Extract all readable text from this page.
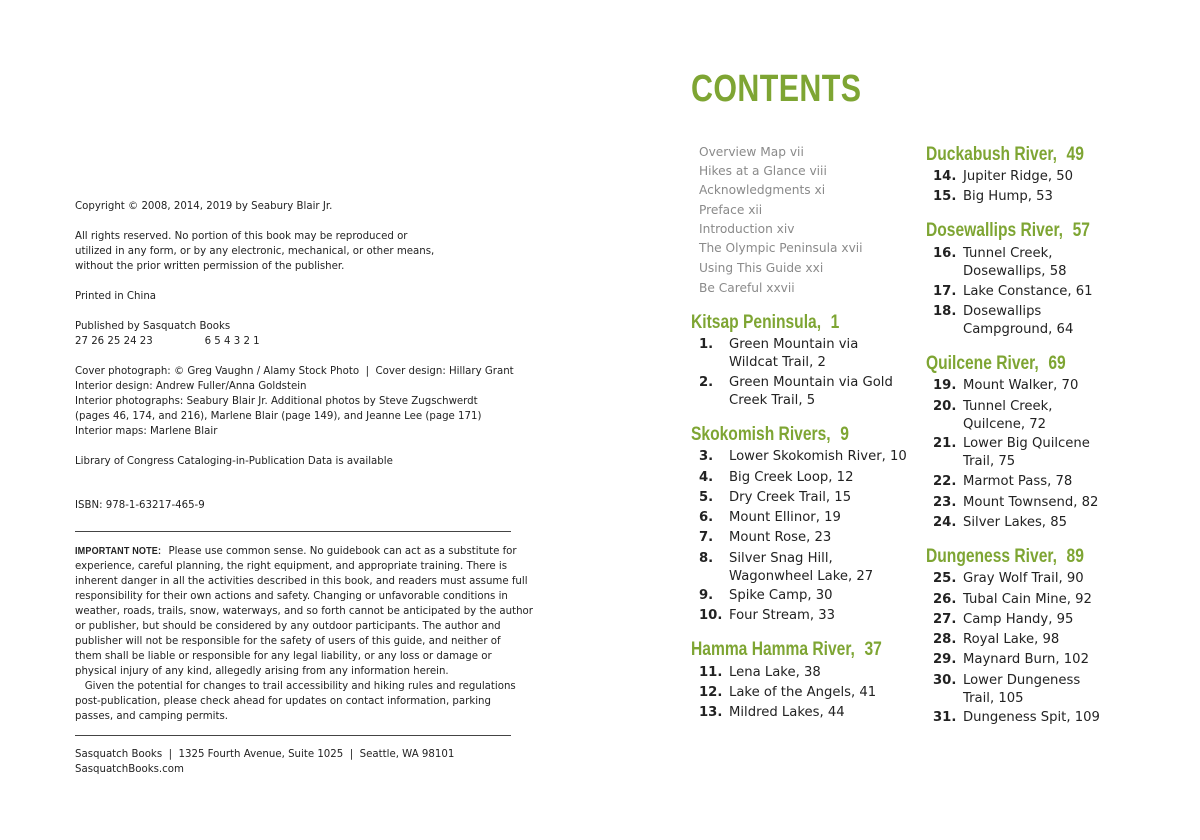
Copyright © 2008, 2014, 2019 by Seabury Blair Jr.
All rights reserved. No portion of this book may be reproduced or
utilized in any form, or by any electronic, mechanical, or other means,
without the prior written permission of the publisher.
Printed in China
Published by Sasquatch Books
27 26 25 24 23                6 5 4 3 2 1
Cover photograph: © Greg Vaughn / Alamy Stock Photo  |  Cover design: Hillary Grant
Interior design: Andrew Fuller/Anna Goldstein
Interior photographs: Seabury Blair Jr. Additional photos by Steve Zugschwerdt
(pages 46, 174, and 216), Marlene Blair (page 149), and Jeanne Lee (page 171)
Interior maps: Marlene Blair
Library of Congress Cataloging-in-Publication Data is available
ISBN: 978-1-63217-465-9
IMPORTANT NOTE: Please use common sense. No guidebook can act as a substitute for
experience, careful planning, the right equipment, and appropriate training. There is
inherent danger in all the activities described in this book, and readers must assume full
responsibility for their own actions and safety. Changing or unfavorable conditions in
weather, roads, trails, snow, waterways, and so forth cannot be anticipated by the author
or publisher, but should be considered by any outdoor participants. The author and
publisher will not be responsible for the safety of users of this guide, and neither of
them shall be liable or responsible for any legal liability, or any loss or damage or
physical injury of any kind, allegedly arising from any information herein.
Given the potential for changes to trail accessibility and hiking rules and regulations
post-publication, please check ahead for updates on contact information, parking
passes, and camping permits.
Sasquatch Books  |  1325 Fourth Avenue, Suite 1025  |  Seattle, WA 98101
SasquatchBooks.com
CONTENTS
Overview Map vii
Hikes at a Glance viii
Acknowledgments xi
Preface xii
Introduction xiv
The Olympic Peninsula xvii
Using This Guide xxi
Be Careful xxvii
Kitsap Peninsula, 1
1.	Green Mountain via Wildcat Trail, 2
2.	Green Mountain via Gold Creek Trail, 5
Skokomish Rivers, 9
3.	Lower Skokomish River, 10
4.	Big Creek Loop, 12
5.	Dry Creek Trail, 15
6.	Mount Ellinor, 19
7.	Mount Rose, 23
8.	Silver Snag Hill, Wagonwheel Lake, 27
9.	Spike Camp, 30
10. Four Stream, 33
Hamma Hamma River, 37
11. Lena Lake, 38
12. Lake of the Angels, 41
13. Mildred Lakes, 44
Duckabush River, 49
14. Jupiter Ridge, 50
15. Big Hump, 53
Dosewallips River, 57
16. Tunnel Creek, Dosewallips, 58
17. Lake Constance, 61
18. Dosewallips Campground, 64
Quilcene River, 69
19. Mount Walker, 70
20. Tunnel Creek, Quilcene, 72
21. Lower Big Quilcene Trail, 75
22. Marmot Pass, 78
23. Mount Townsend, 82
24. Silver Lakes, 85
Dungeness River, 89
25. Gray Wolf Trail, 90
26. Tubal Cain Mine, 92
27. Camp Handy, 95
28. Royal Lake, 98
29. Maynard Burn, 102
30. Lower Dungeness Trail, 105
31. Dungeness Spit, 109
